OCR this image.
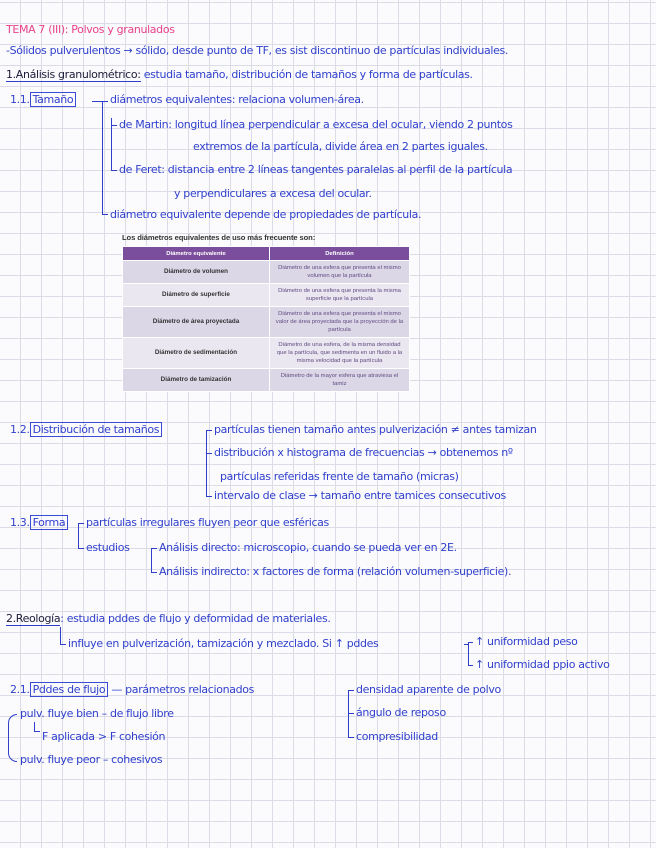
TEMA 7 (III): Polvos y granulados
-Sólidos pulverulentos → sólido, desde punto de TF, es sist discontinuo de partículas individuales.
1.Análisis granulométrico: estudia tamaño, distribución de tamaños y forma de partículas.
1.1. Tamaño	diámetros equivalentes: relaciona volumen-área.
de Martin: longitud línea perpendicular a excesa del ocular, viendo 2 puntos
extremos de la partícula, divide área en 2 partes iguales.
de Feret: distancia entre 2 líneas tangentes paralelas al perfil de la partícula
y perpendiculares a excesa del ocular.
diámetro equivalente depende de propiedades de partícula.
Los diámetros equivalentes de uso más frecuente son:
Diámetro equivalente	Definición
Diámetro de volumen	Diámetro de una esfera que presenta el mismo volumen que la partícula
Diámetro de superficie	Diámetro de una esfera que presenta la misma superficie que la partícula
Diámetro de área proyectada	Diámetro de una esfera que presenta el mismo valor de área proyectada que la proyección de la partícula
Diámetro de sedimentación	Diámetro de una esfera, de la misma densidad que la partícula, que sedimenta en un fluido a la misma velocidad que la partícula
Diámetro de tamización	Diámetro de la mayor esfera que atraviesa el tamiz
1.2. Distribución de tamaños	partículas tienen tamaño antes pulverización ≠ antes tamizan
distribución x histograma de frecuencias → obtenemos nº
partículas referidas frente de tamaño (micras)
intervalo de clase → tamaño entre tamices consecutivos
1.3. Forma partículas irregulares fluyen peor que esféricas
estudios	Análisis directo: microscopio, cuando se pueda ver en 2E.
Análisis indirecto: x factores de forma (relación volumen-superficie).
2.Reología: estudia pddes de flujo y deformidad de materiales.
influye en pulverización, tamización y mezclado. Si ↑ pddes	↑ uniformidad peso
↑ uniformidad ppio activo
2.1. Pddes de flujo — parámetros relacionados	densidad aparente de polvo
ángulo de reposo
compresibilidad
pulv. fluye bien – de flujo libre
F aplicada > F cohesión
pulv. fluye peor – cohesivos
